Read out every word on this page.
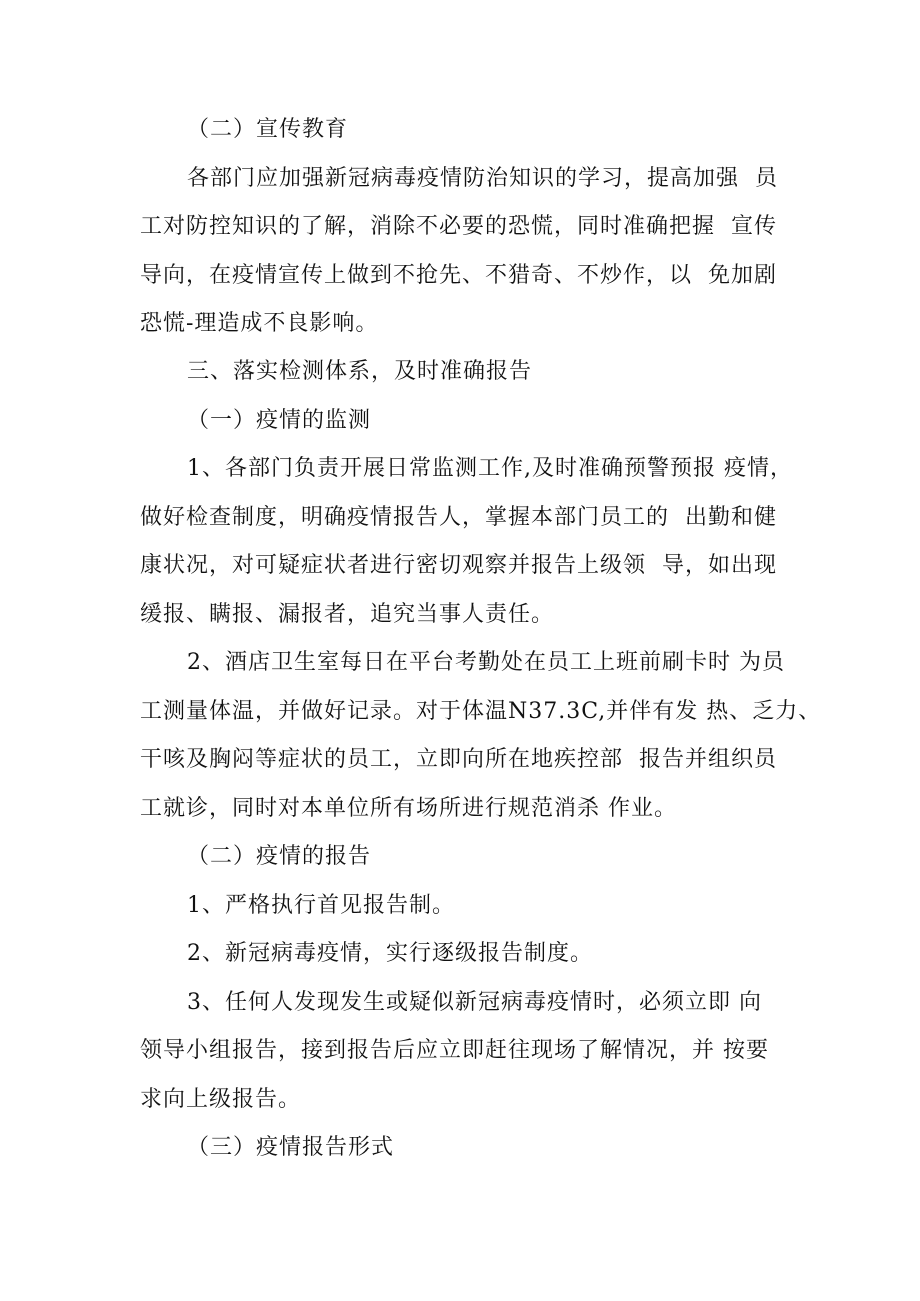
（二）宣传教育
各部门应加强新冠病毒疫情防治知识的学习，提高加强  员
工对防控知识的了解，消除不必要的恐慌，同时准确把握  宣传
导向，在疫情宣传上做到不抢先、不猎奇、不炒作，以  免加剧
恐慌-理造成不良影响。
三、落实检测体系，及时准确报告
（一）疫情的监测
1、各部门负责开展日常监测工作,及时准确预警预报 疫情，
做好检查制度，明确疫情报告人，掌握本部门员工的  出勤和健
康状况，对可疑症状者进行密切观察并报告上级领  导，如出现
缓报、瞒报、漏报者，追究当事人责任。
2、酒店卫生室每日在平台考勤处在员工上班前刷卡时 为员
工测量体温，并做好记录。对于体温N37.3C,并伴有发 热、乏力、
干咳及胸闷等症状的员工，立即向所在地疾控部  报告并组织员
工就诊，同时对本单位所有场所进行规范消杀 作业。
（二）疫情的报告
1、严格执行首见报告制。
2、新冠病毒疫情，实行逐级报告制度。
3、任何人发现发生或疑似新冠病毒疫情时，必须立即 向
领导小组报告，接到报告后应立即赶往现场了解情况，并 按要
求向上级报告。
（三）疫情报告形式
